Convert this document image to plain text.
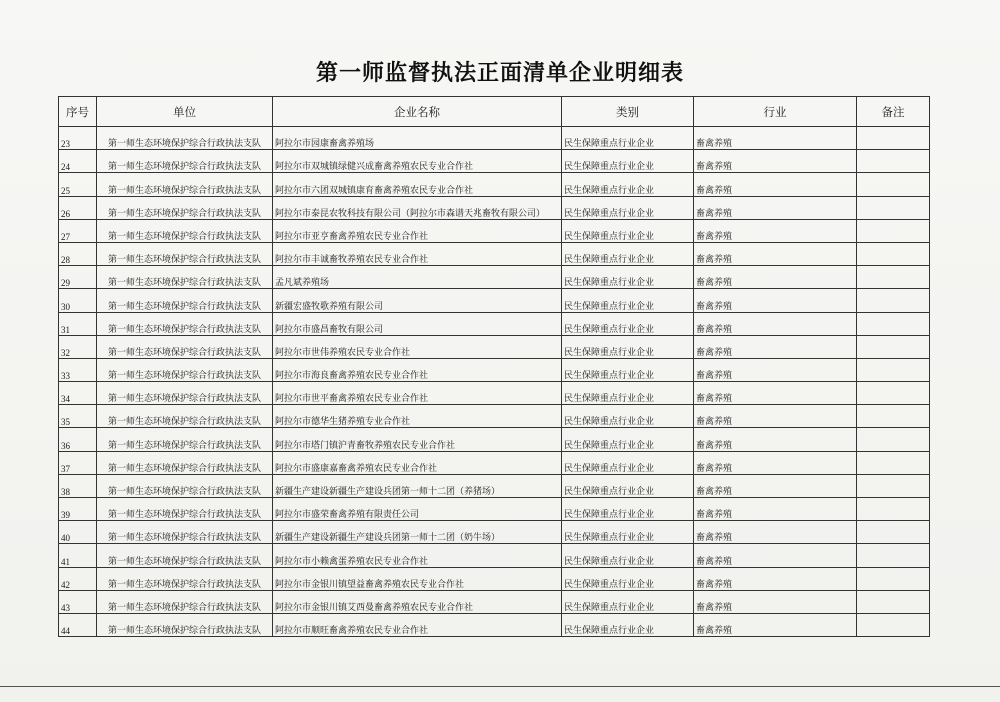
第一师监督执法正面清单企业明细表
序号	单位	企业名称	类别	行业	备注
23	第一师生态环境保护综合行政执法支队	阿拉尔市园康畜禽养殖场	民生保障重点行业企业	畜禽养殖	
24	第一师生态环境保护综合行政执法支队	阿拉尔市双城镇绿健兴成畜禽养殖农民专业合作社	民生保障重点行业企业	畜禽养殖	
25	第一师生态环境保护综合行政执法支队	阿拉尔市六团双城镇康育畜禽养殖农民专业合作社	民生保障重点行业企业	畜禽养殖	
26	第一师生态环境保护综合行政执法支队	阿拉尔市泰昆农牧科技有限公司（阿拉尔市森谱天兆畜牧有限公司）	民生保障重点行业企业	畜禽养殖	
27	第一师生态环境保护综合行政执法支队	阿拉尔市亚亨畜禽养殖农民专业合作社	民生保障重点行业企业	畜禽养殖	
28	第一师生态环境保护综合行政执法支队	阿拉尔市丰诚畜牧养殖农民专业合作社	民生保障重点行业企业	畜禽养殖	
29	第一师生态环境保护综合行政执法支队	孟凡斌养殖场	民生保障重点行业企业	畜禽养殖	
30	第一师生态环境保护综合行政执法支队	新疆宏盛牧歌养殖有限公司	民生保障重点行业企业	畜禽养殖	
31	第一师生态环境保护综合行政执法支队	阿拉尔市盛昌畜牧有限公司	民生保障重点行业企业	畜禽养殖	
32	第一师生态环境保护综合行政执法支队	阿拉尔市世伟养殖农民专业合作社	民生保障重点行业企业	畜禽养殖	
33	第一师生态环境保护综合行政执法支队	阿拉尔市海良畜禽养殖农民专业合作社	民生保障重点行业企业	畜禽养殖	
34	第一师生态环境保护综合行政执法支队	阿拉尔市世平畜禽养殖农民专业合作社	民生保障重点行业企业	畜禽养殖	
35	第一师生态环境保护综合行政执法支队	阿拉尔市德华生猪养殖专业合作社	民生保障重点行业企业	畜禽养殖	
36	第一师生态环境保护综合行政执法支队	阿拉尔市塔门镇沪青畜牧养殖农民专业合作社	民生保障重点行业企业	畜禽养殖	
37	第一师生态环境保护综合行政执法支队	阿拉尔市盛康嘉畜禽养殖农民专业合作社	民生保障重点行业企业	畜禽养殖	
38	第一师生态环境保护综合行政执法支队	新疆生产建设新疆生产建设兵团第一师十二团（养猪场）	民生保障重点行业企业	畜禽养殖	
39	第一师生态环境保护综合行政执法支队	阿拉尔市盛荣畜禽养殖有限责任公司	民生保障重点行业企业	畜禽养殖	
40	第一师生态环境保护综合行政执法支队	新疆生产建设新疆生产建设兵团第一师十二团（奶牛场）	民生保障重点行业企业	畜禽养殖	
41	第一师生态环境保护综合行政执法支队	阿拉尔市小赖禽蛋养殖农民专业合作社	民生保障重点行业企业	畜禽养殖	
42	第一师生态环境保护综合行政执法支队	阿拉尔市金银川镇望益畜禽养殖农民专业合作社	民生保障重点行业企业	畜禽养殖	
43	第一师生态环境保护综合行政执法支队	阿拉尔市金银川镇艾西曼畜禽养殖农民专业合作社	民生保障重点行业企业	畜禽养殖	
44	第一师生态环境保护综合行政执法支队	阿拉尔市顺旺畜禽养殖农民专业合作社	民生保障重点行业企业	畜禽养殖	
